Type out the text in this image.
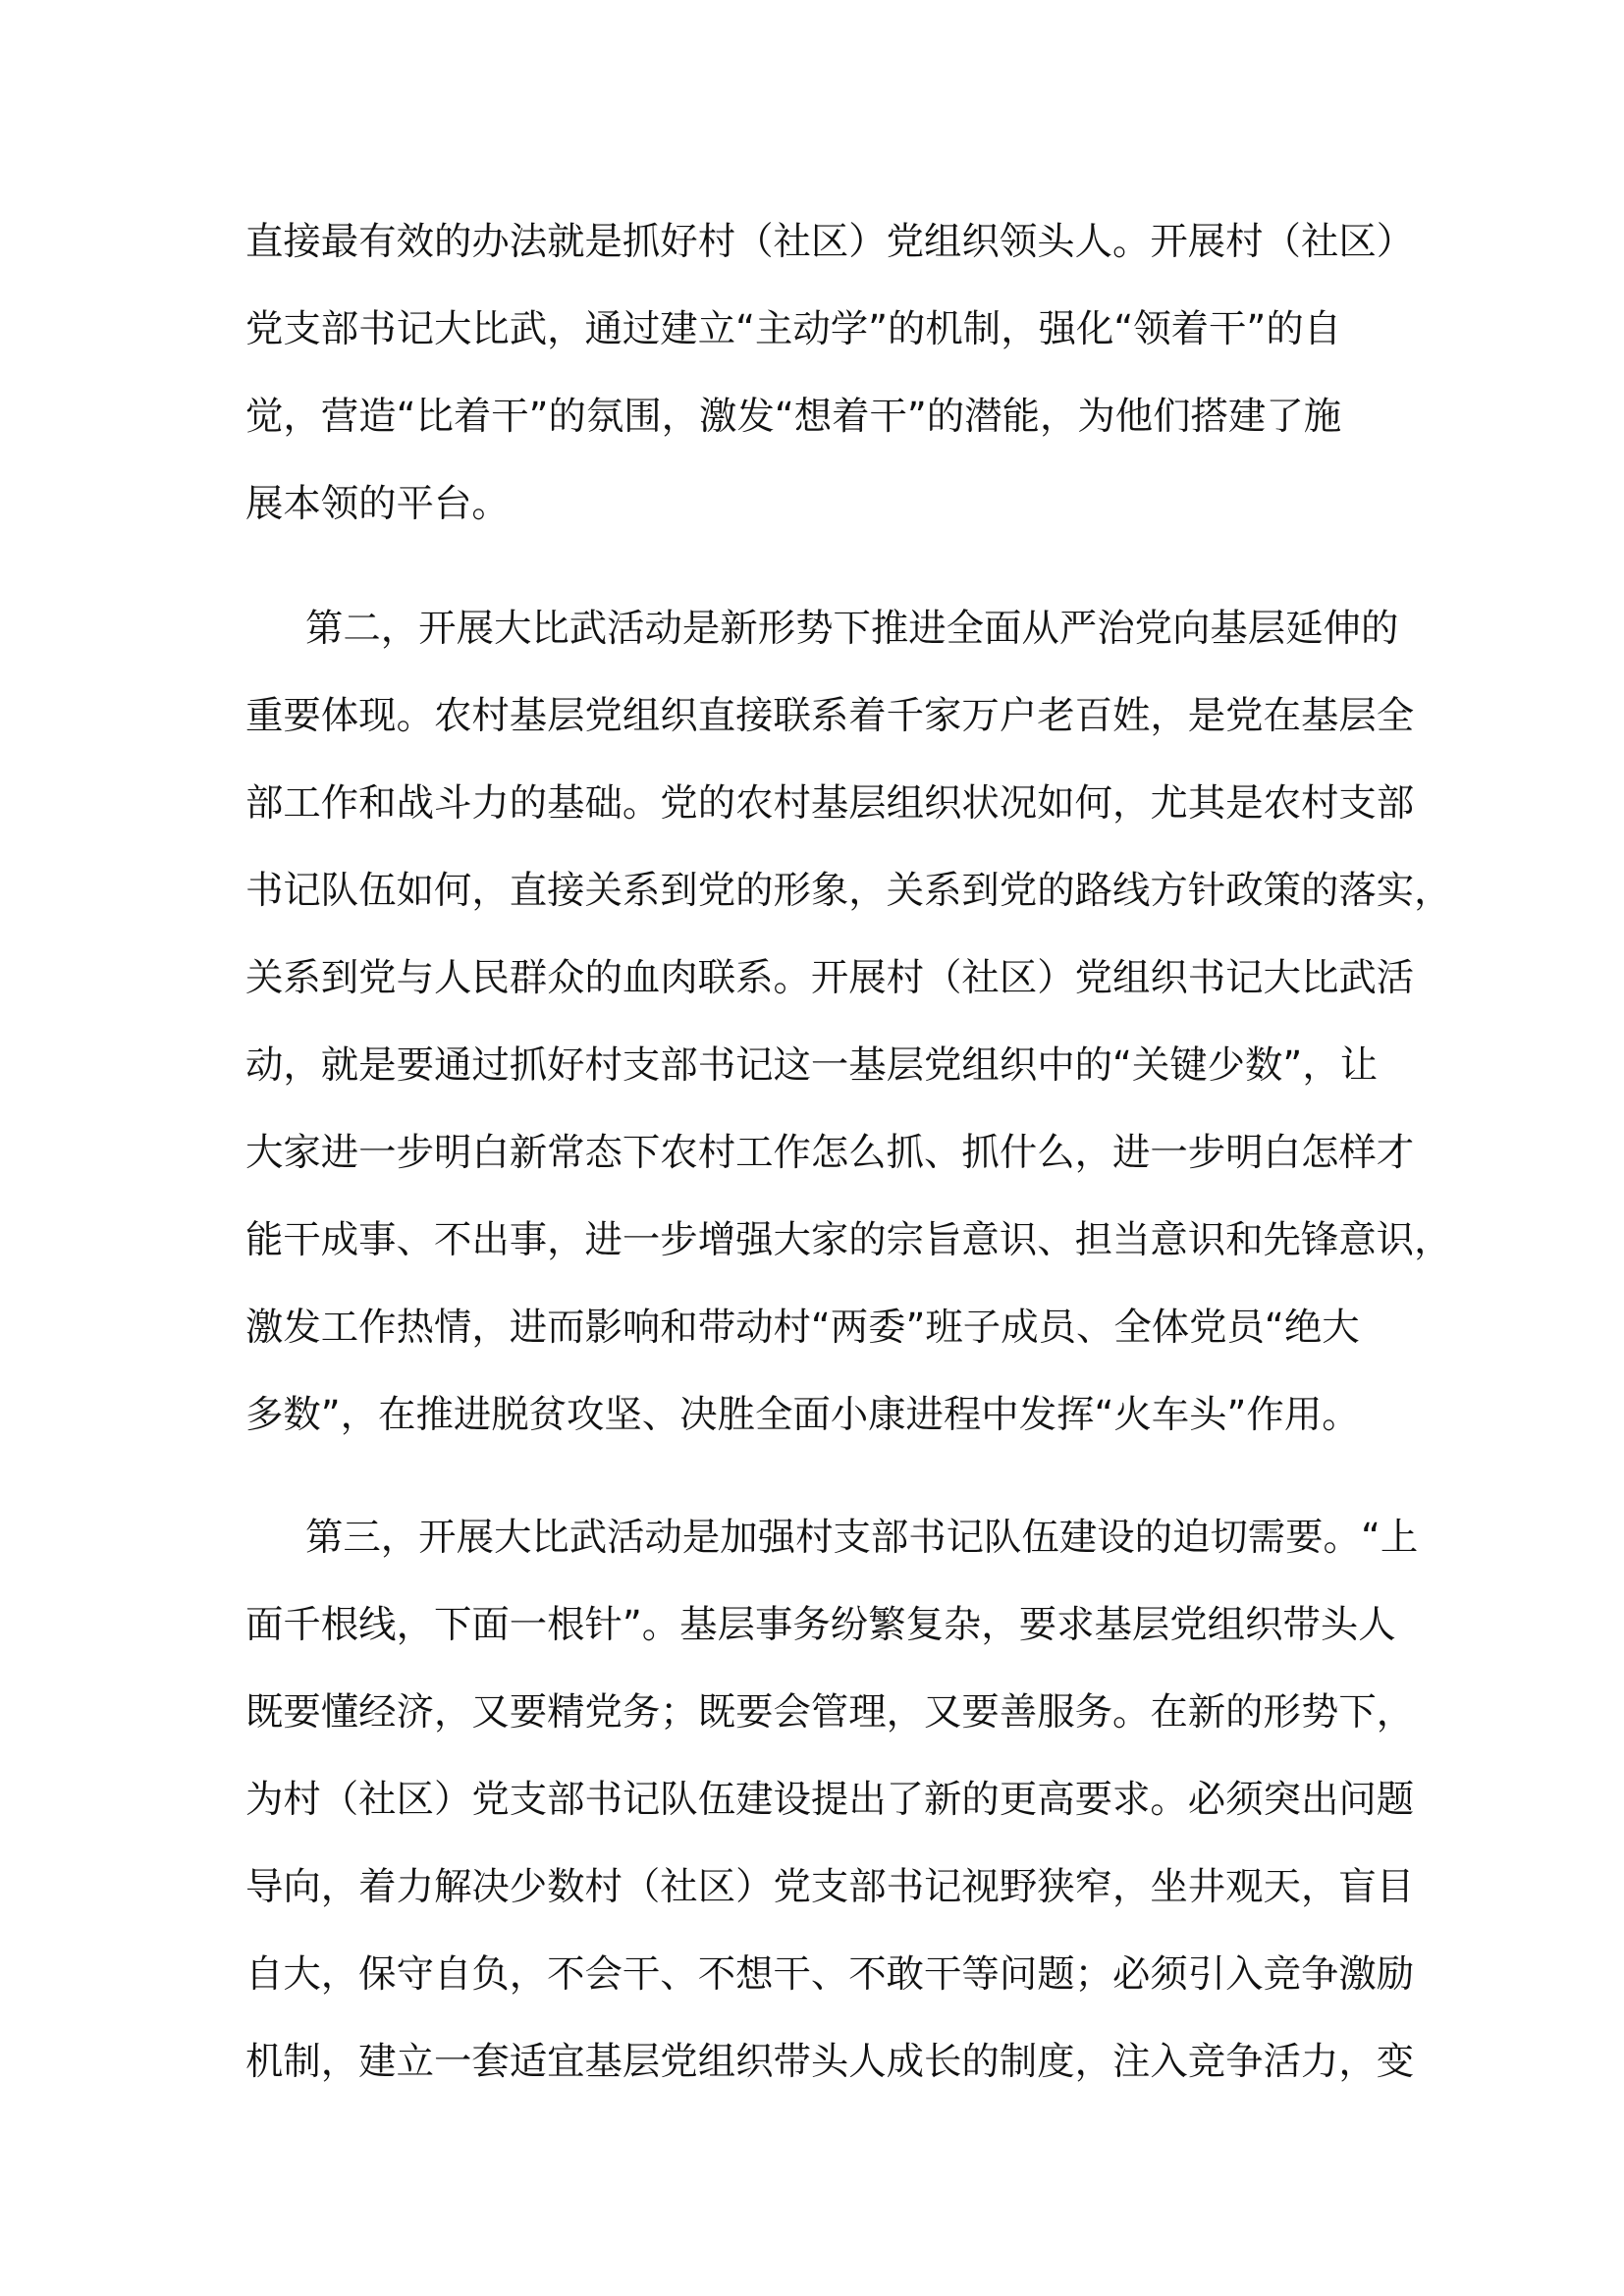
直接最有效的办法就是抓好村（社区）党组织领头人。开展村（社区）
党支部书记大比武，通过建立“主动学”的机制，强化“领着干”的自
觉，营造“比着干”的氛围，激发“想着干”的潜能，为他们搭建了施
展本领的平台。
第二，开展大比武活动是新形势下推进全面从严治党向基层延伸的
重要体现。农村基层党组织直接联系着千家万户老百姓，是党在基层全
部工作和战斗力的基础。党的农村基层组织状况如何，尤其是农村支部
书记队伍如何，直接关系到党的形象，关系到党的路线方针政策的落实，
关系到党与人民群众的血肉联系。开展村（社区）党组织书记大比武活
动，就是要通过抓好村支部书记这一基层党组织中的“关键少数”，让
大家进一步明白新常态下农村工作怎么抓、抓什么，进一步明白怎样才
能干成事、不出事，进一步增强大家的宗旨意识、担当意识和先锋意识，
激发工作热情，进而影响和带动村“两委”班子成员、全体党员“绝大
多数”，在推进脱贫攻坚、决胜全面小康进程中发挥“火车头”作用。
第三，开展大比武活动是加强村支部书记队伍建设的迫切需要。“上
面千根线，下面一根针”。基层事务纷繁复杂，要求基层党组织带头人
既要懂经济，又要精党务；既要会管理，又要善服务。在新的形势下，
为村（社区）党支部书记队伍建设提出了新的更高要求。必须突出问题
导向，着力解决少数村（社区）党支部书记视野狭窄，坐井观天，盲目
自大，保守自负，不会干、不想干、不敢干等问题；必须引入竞争激励
机制，建立一套适宜基层党组织带头人成长的制度，注入竞争活力，变
